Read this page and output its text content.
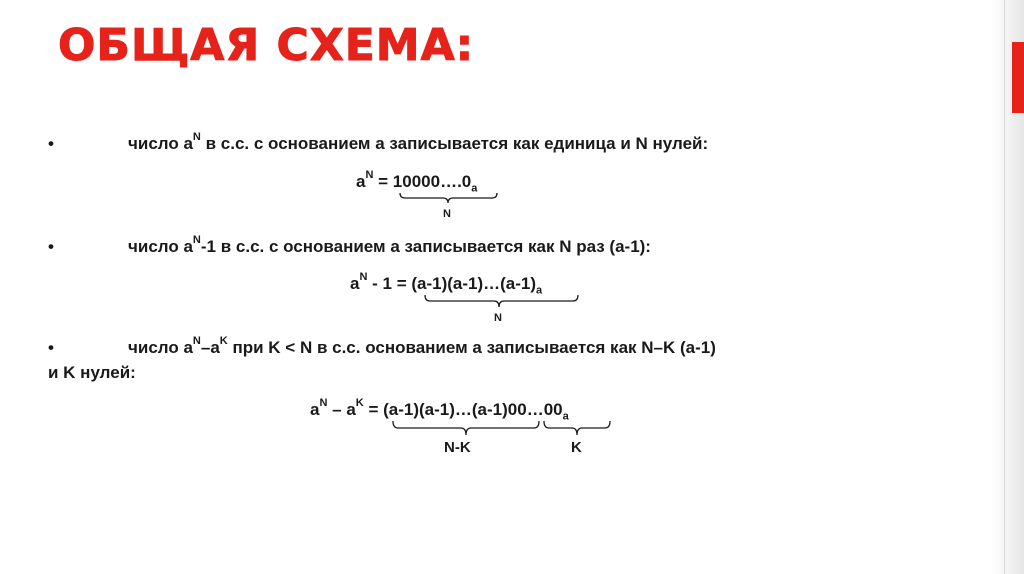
ОБЩАЯ СХЕМА:
•	число $a^N$ в с.с. с основанием а записывается как единица и N нулей:
$a^N$ = $10000\dots.0_a$
N
•	число $a^N-1$ в с.с. с основанием а записывается как N раз (a-1):
$a^N - 1$ = $(a-1)(a-1)\dots(a-1)_a$
N
•	число $a^N-a^K$ при K < N в с.с. основанием а записывается как N–K (a-1)
и K нулей:
$a^N - a^K$ = $(a-1)(a-1)\dots(a-1)00\dots 00_a$
N-K	K
